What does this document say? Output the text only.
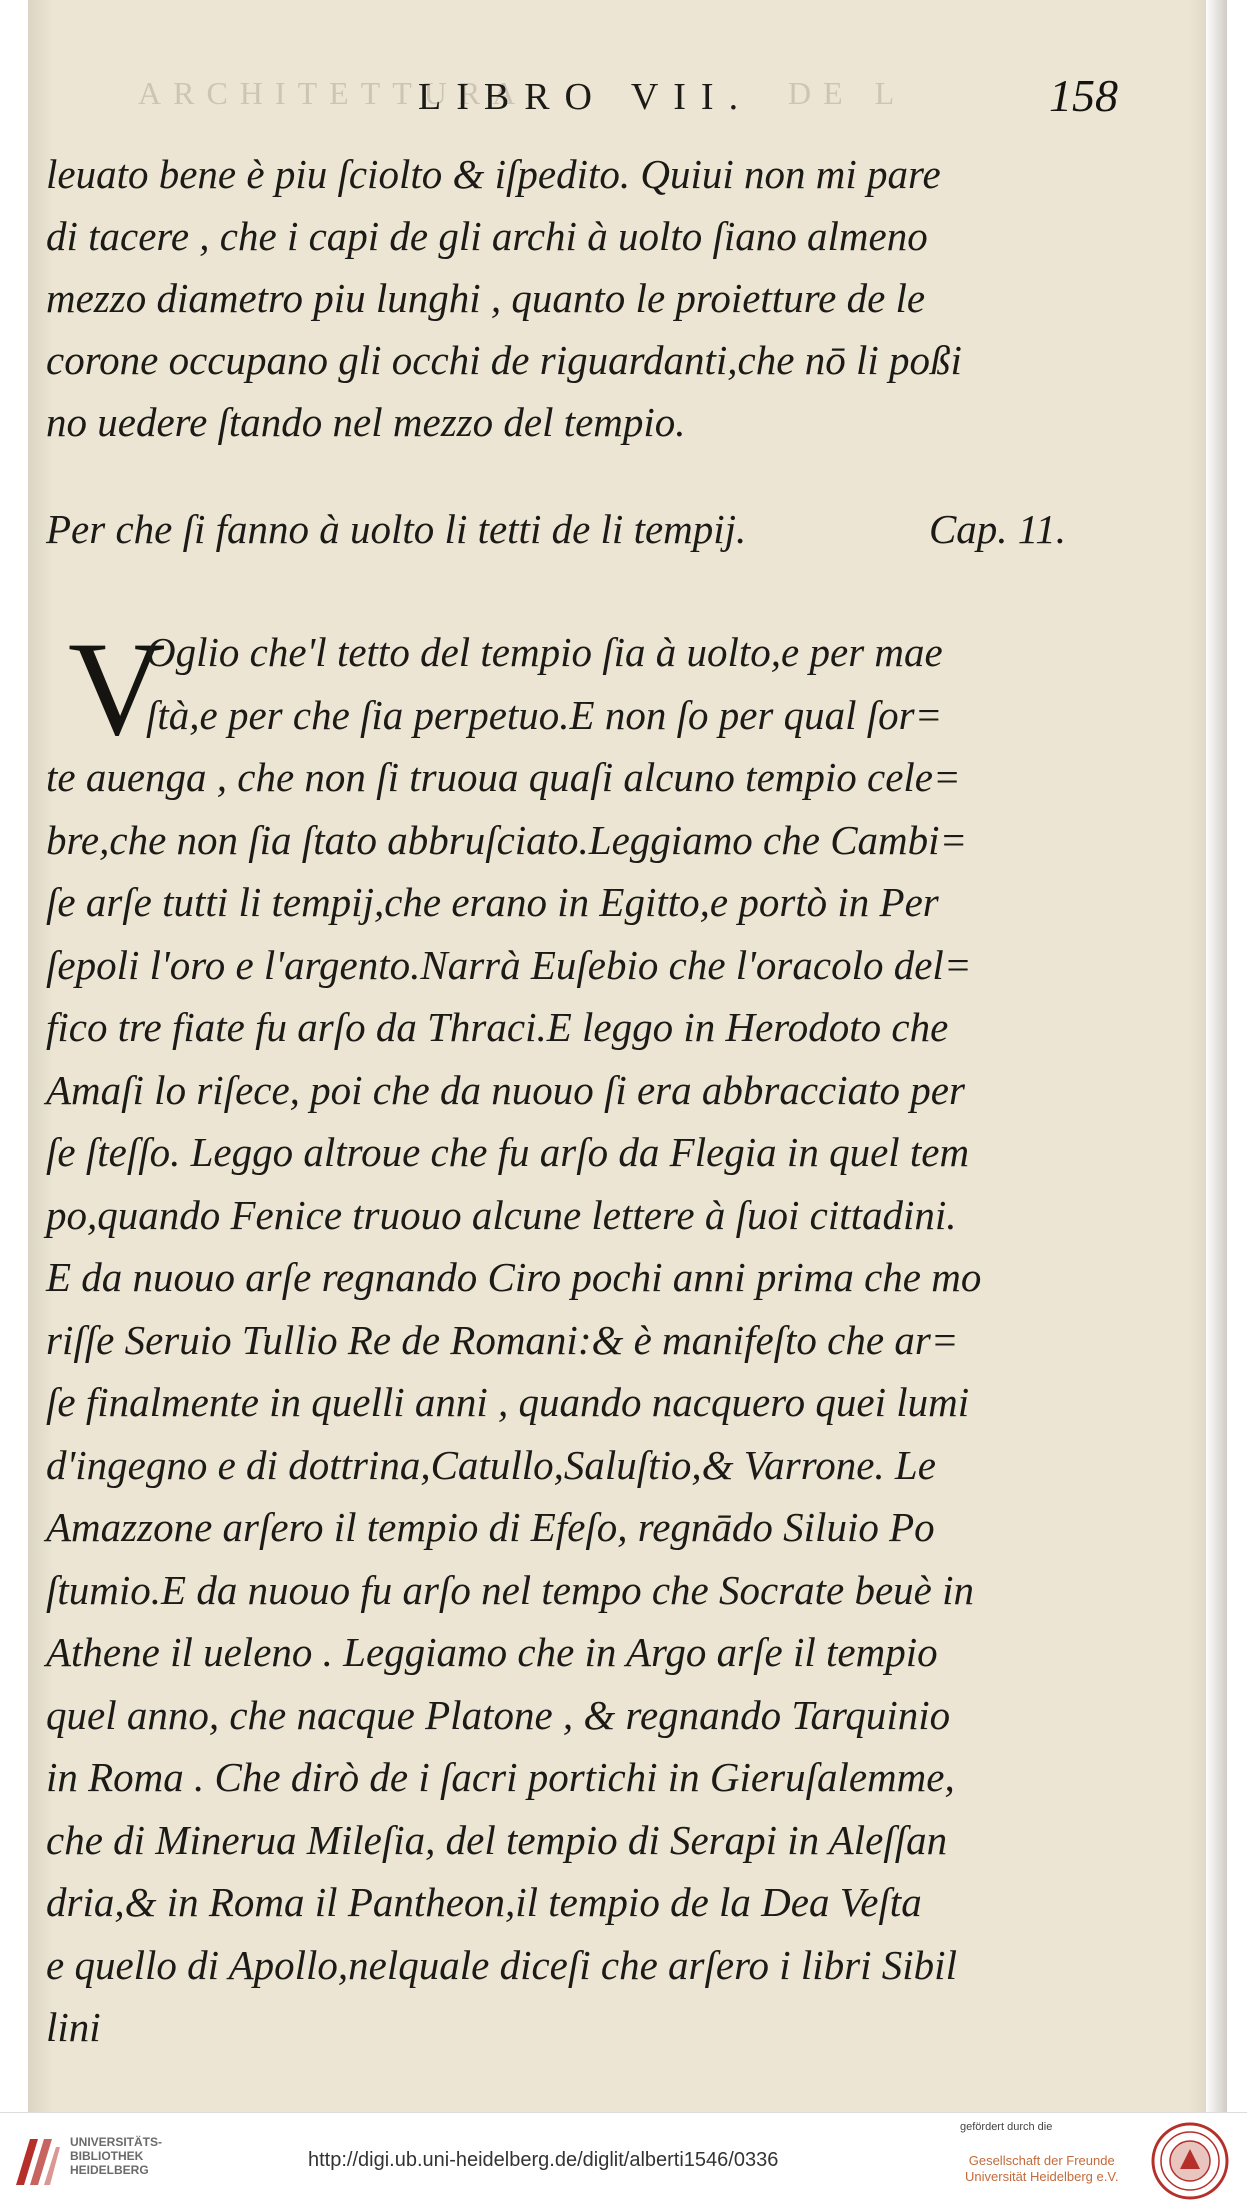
ARCHITETTURA
LIBRO VII. DE L	158
leuato bene è piu ſciolto & iſpedito. Quiui non mi pare
di tacere , che i capi de gli archi à uolto ſiano almeno
mezzo diametro piu lunghi , quanto le proietture de le
corone occupano gli occhi de riguardanti,che nō li poßi
no uedere ſtando nel mezzo del tempio.
Per che ſi fanno à uolto li tetti de li tempij.	Cap. 11.
V
Oglio che'l tetto del tempio ſia à uolto,e per mae
ſtà,e per che ſia perpetuo.E non ſo per qual ſor=
te auenga , che non ſi truoua quaſi alcuno tempio cele=
bre,che non ſia ſtato abbruſciato.Leggiamo che Cambi=
ſe arſe tutti li tempij,che erano in Egitto,e portò in Per
ſepoli l'oro e l'argento.Narrà Euſebio che l'oracolo del=
fico tre fiate fu arſo da Thraci.E leggo in Herodoto che
Amaſi lo riſece, poi che da nuouo ſi era abbracciato per
ſe ſteſſo. Leggo altroue che fu arſo da Flegia in quel tem
po,quando Fenice truouo alcune lettere à ſuoi cittadini.
E da nuouo arſe regnando Ciro pochi anni prima che mo
riſſe Seruio Tullio Re de Romani:& è manifeſto che ar=
ſe finalmente in quelli anni , quando nacquero quei lumi
d'ingegno e di dottrina,Catullo,Saluſtio,& Varrone. Le
Amazzone arſero il tempio di Efeſo, regnādo Siluio Po
ſtumio.E da nuouo fu arſo nel tempo che Socrate beuè in
Athene il ueleno . Leggiamo che in Argo arſe il tempio
quel anno, che nacque Platone , & regnando Tarquinio
in Roma . Che dirò de i ſacri portichi in Gieruſalemme,
che di Minerua Mileſia, del tempio di Serapi in Aleſſan
dria,& in Roma il Pantheon,il tempio de la Dea Veſta
e quello di Apollo,nelquale diceſi che arſero i libri Sibil
lini
UNIVERSITÄTS-
BIBLIOTHEK
HEIDELBERG	http://digi.ub.uni-heidelberg.de/diglit/alberti1546/0336
gefördert durch die
Gesellschaft der Freunde
Universität Heidelberg e.V.
